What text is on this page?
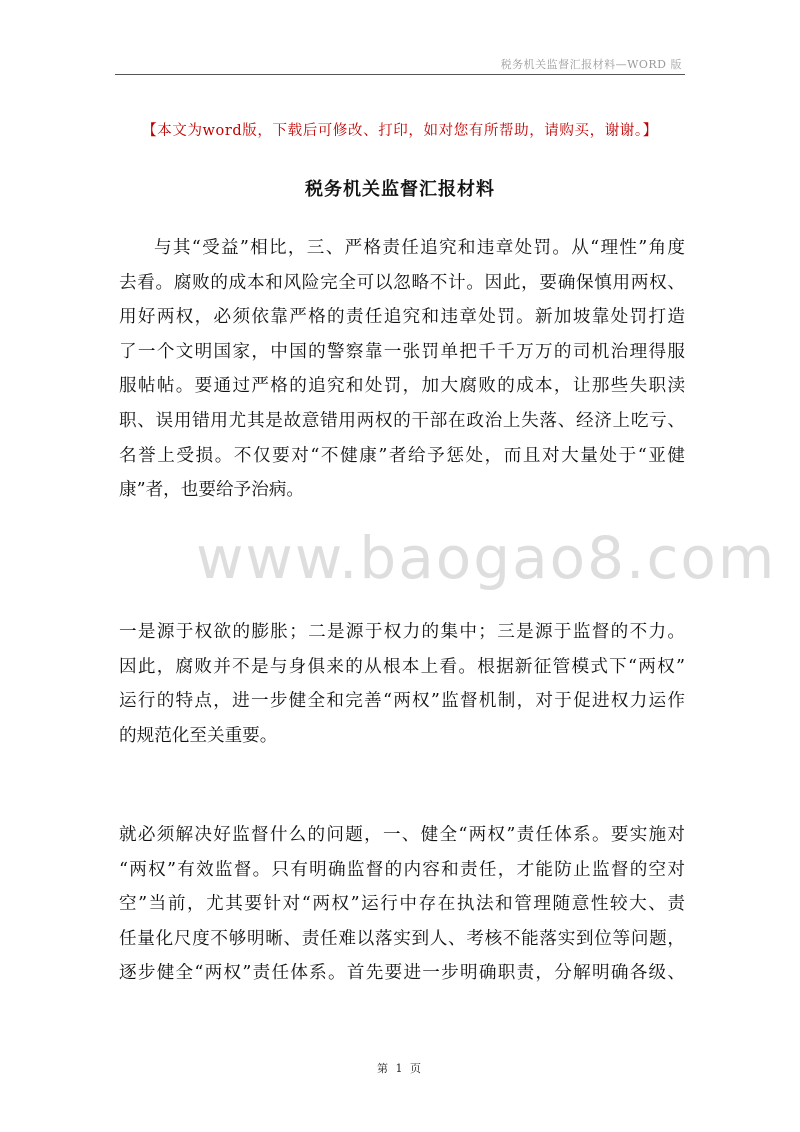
税务机关监督汇报材料—WORD 版
【本文为word版，下载后可修改、打印，如对您有所帮助，请购买，谢谢。】
税务机关监督汇报材料
与其“受益”相比，三、严格责任追究和违章处罚。从“理性”角度
去看。腐败的成本和风险完全可以忽略不计。因此，要确保慎用两权、
用好两权，必须依靠严格的责任追究和违章处罚。新加坡靠处罚打造
了一个文明国家，中国的警察靠一张罚单把千千万万的司机治理得服
服帖帖。要通过严格的追究和处罚，加大腐败的成本，让那些失职渎
职、误用错用尤其是故意错用两权的干部在政治上失落、经济上吃亏、
名誉上受损。不仅要对“不健康”者给予惩处，而且对大量处于“亚健
康”者，也要给予治病。
www.baogao8.com
一是源于权欲的膨胀；二是源于权力的集中；三是源于监督的不力。
因此，腐败并不是与身俱来的从根本上看。根据新征管模式下“两权”
运行的特点，进一步健全和完善“两权”监督机制，对于促进权力运作
的规范化至关重要。
就必须解决好监督什么的问题，一、健全“两权”责任体系。要实施对
“两权”有效监督。只有明确监督的内容和责任，才能防止监督的空对
空”当前，尤其要针对“两权”运行中存在执法和管理随意性较大、责
任量化尺度不够明晰、责任难以落实到人、考核不能落实到位等问题，
逐步健全“两权”责任体系。首先要进一步明确职责，分解明确各级、
第 1 页
